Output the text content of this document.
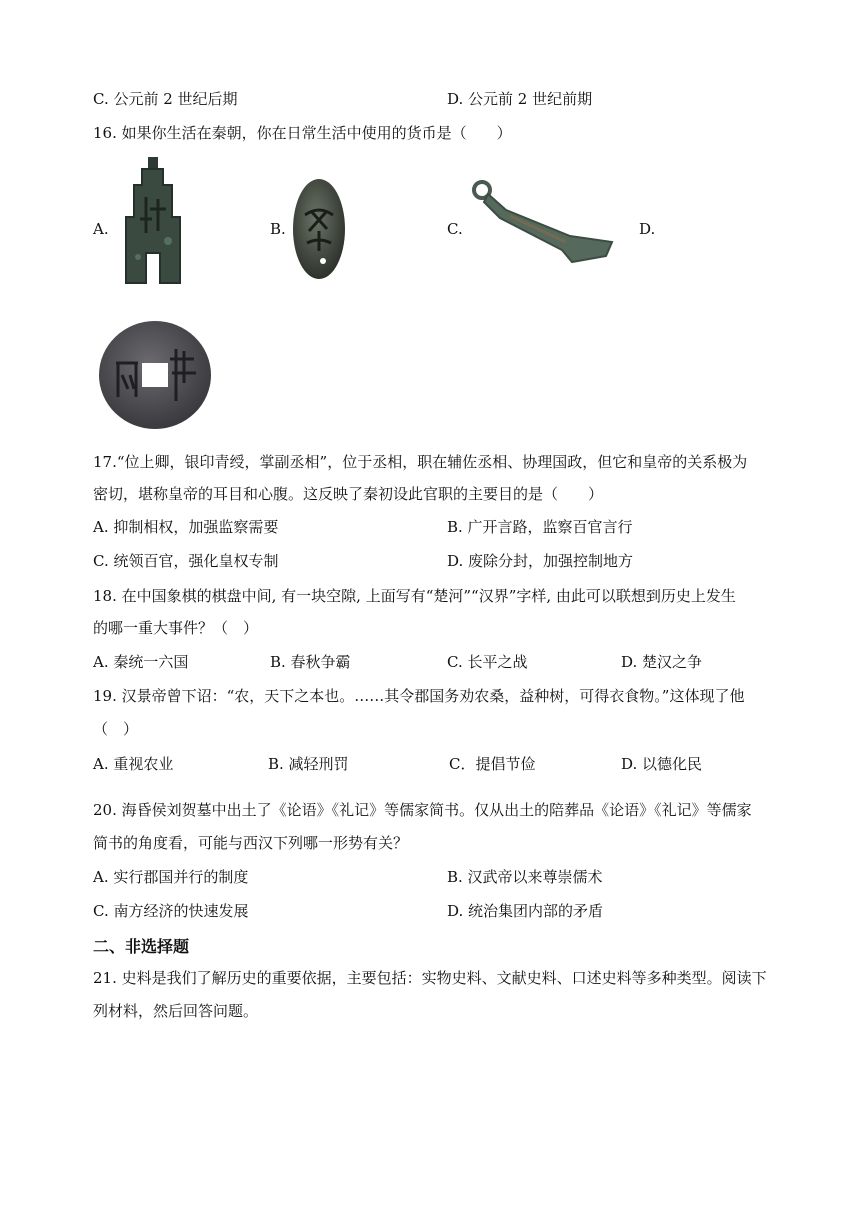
C. 公元前 2 世纪后期	D. 公元前 2 世纪前期
16. 如果你生活在秦朝，你在日常生活中使用的货币是（　　）
A.	B.	C.	D.
17.“位上卿，银印青绶，掌副丞相”，位于丞相，职在辅佐丞相、协理国政，但它和皇帝的关系极为
密切，堪称皇帝的耳目和心腹。这反映了秦初设此官职的主要目的是（　　）
A. 抑制相权，加强监察需要	B. 广开言路，监察百官言行
C. 统领百官，强化皇权专制	D. 废除分封，加强控制地方
18. 在中国象棋的棋盘中间, 有一块空隙, 上面写有“楚河”“汉界”字样, 由此可以联想到历史上发生
的哪一重大事件？（　）
A. 秦统一六国	B. 春秋争霸	C. 长平之战	D. 楚汉之争
19. 汉景帝曾下诏：“农，天下之本也。……其令郡国务劝农桑，益种树，可得衣食物。”这体现了他
（　）
A. 重视农业	B. 减轻刑罚	C．提倡节俭	D. 以德化民
20. 海昏侯刘贺墓中出土了《论语》《礼记》等儒家简书。仅从出土的陪葬品《论语》《礼记》等儒家
简书的角度看，可能与西汉下列哪一形势有关？
A. 实行郡国并行的制度	B. 汉武帝以来尊崇儒术
C. 南方经济的快速发展	D. 统治集团内部的矛盾
二、非选择题
21. 史料是我们了解历史的重要依据，主要包括：实物史料、文献史料、口述史料等多种类型。阅读下
列材料，然后回答问题。
